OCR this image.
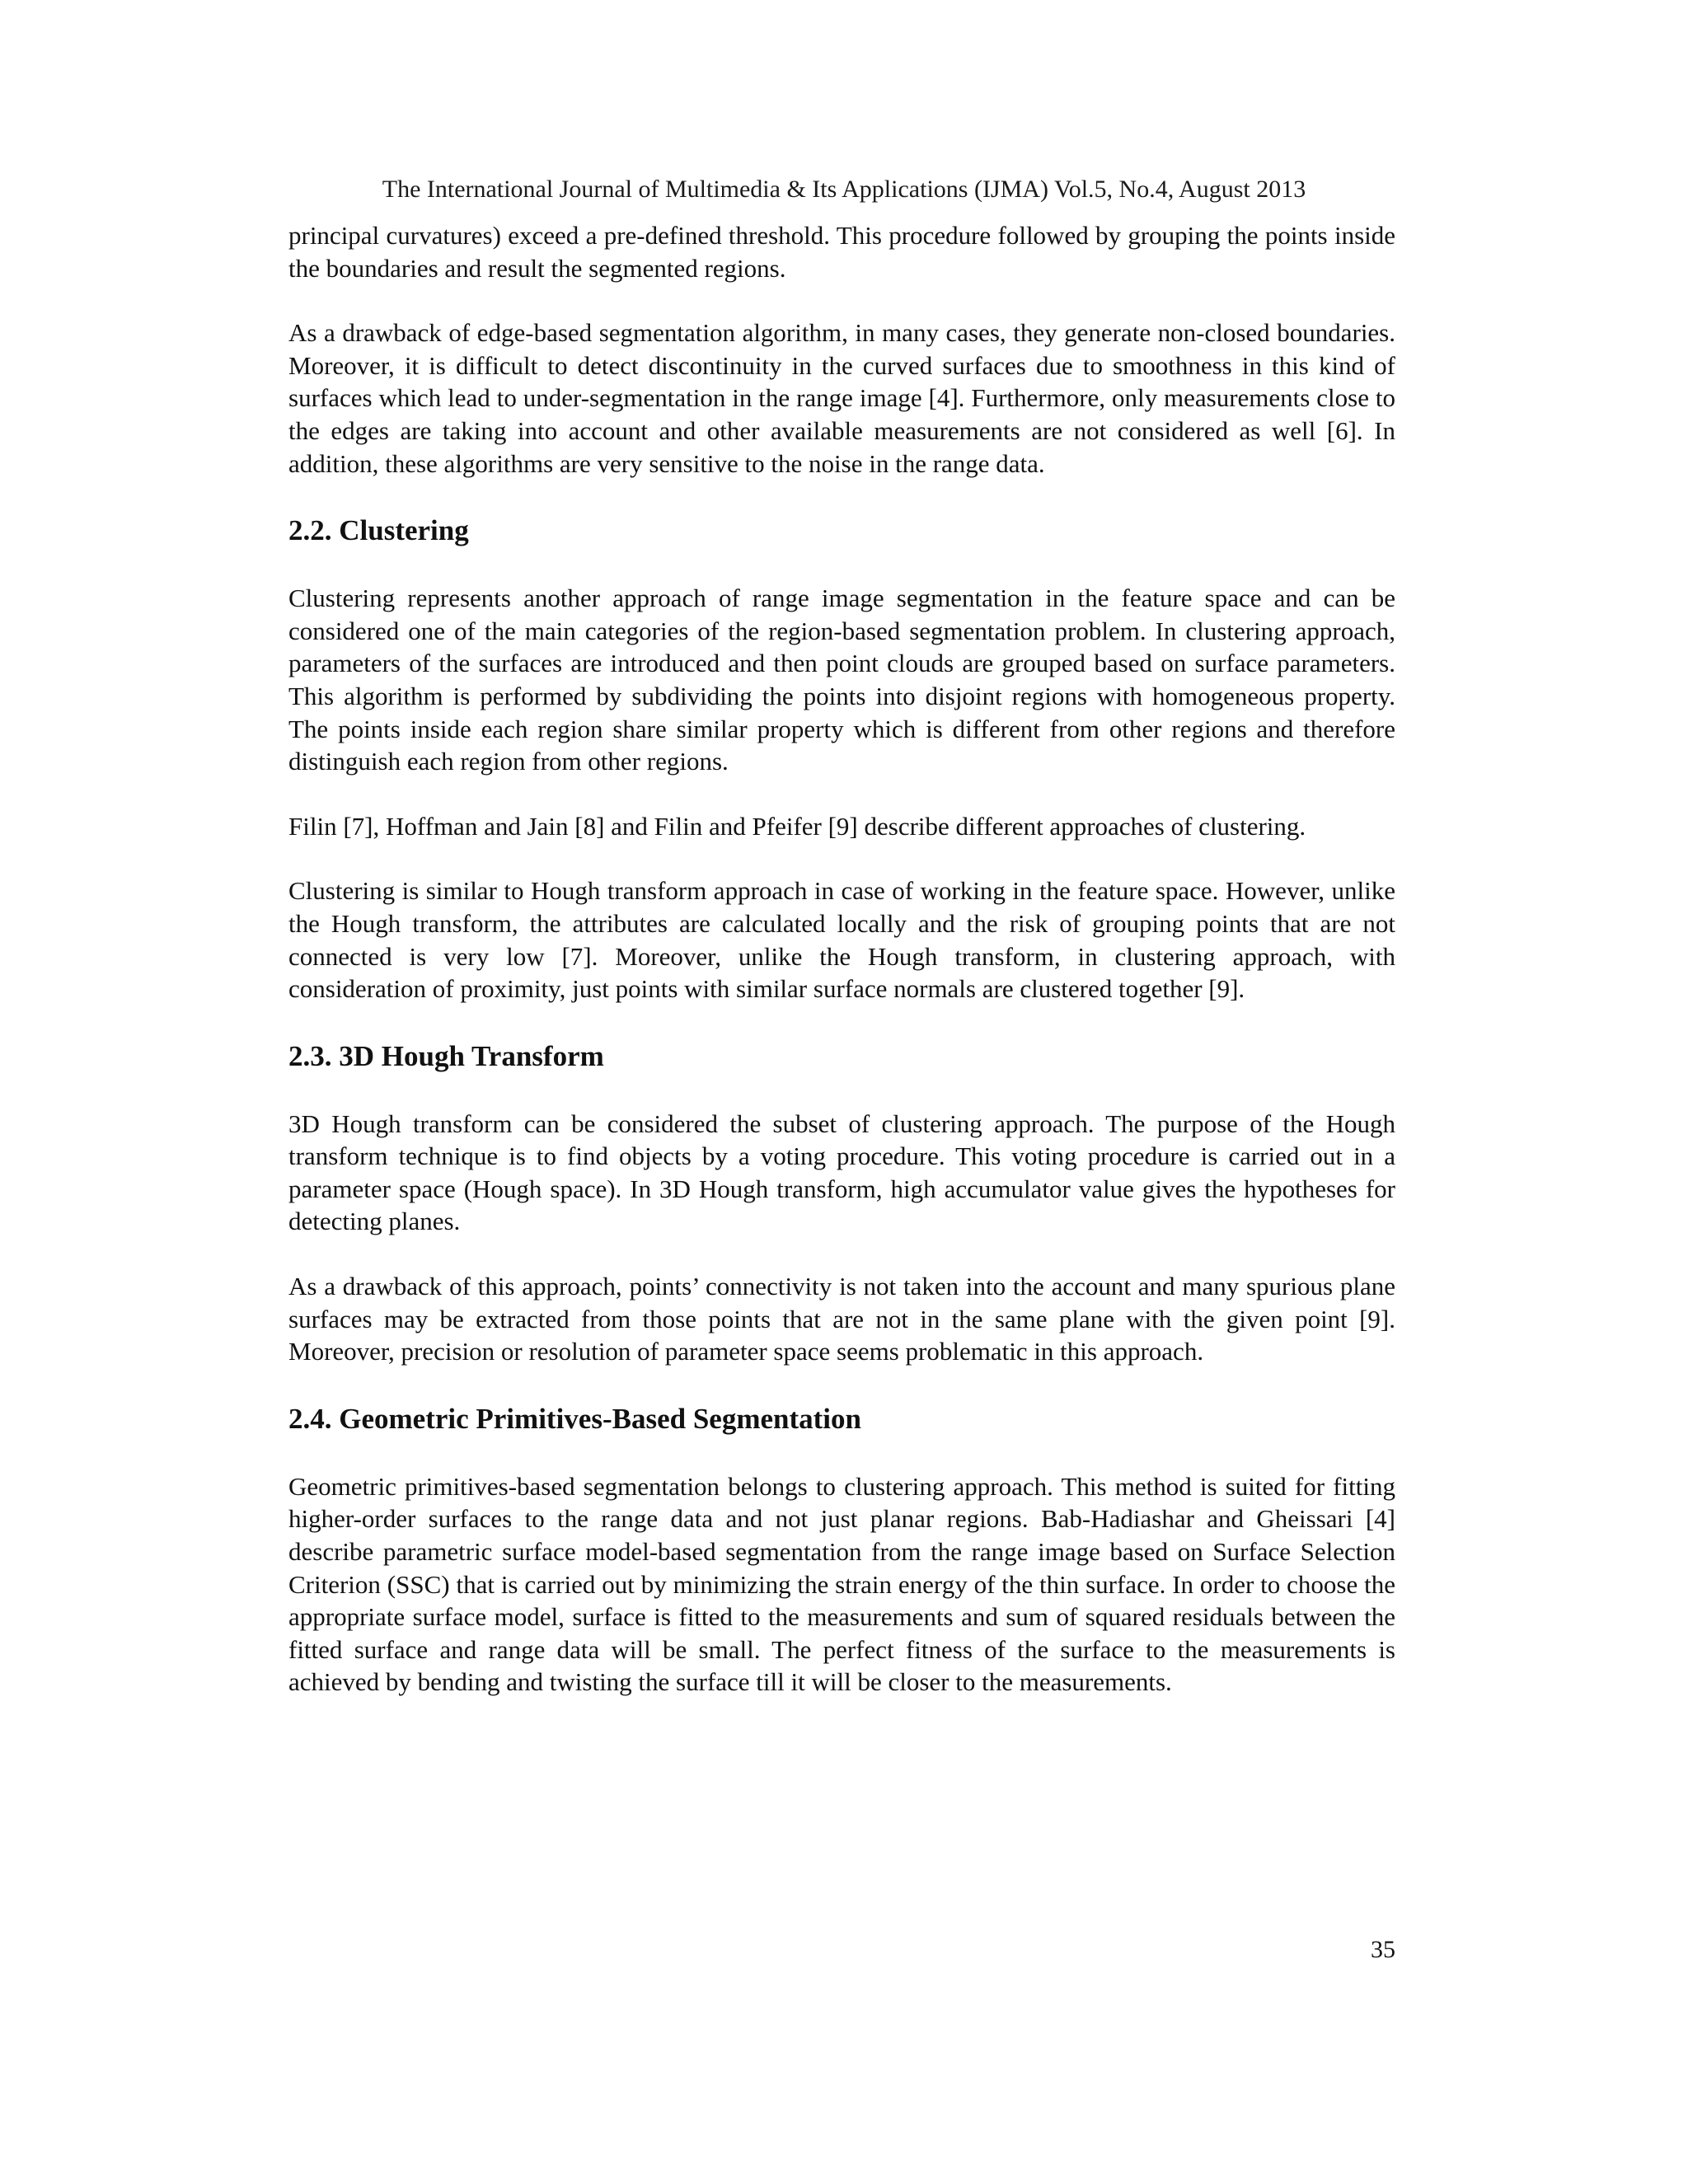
The International Journal of Multimedia & Its Applications (IJMA) Vol.5, No.4, August 2013

principal curvatures) exceed a pre-defined threshold. This procedure followed by grouping the points inside the boundaries and result the segmented regions.

As a drawback of edge-based segmentation algorithm, in many cases, they generate non-closed boundaries. Moreover, it is difficult to detect discontinuity in the curved surfaces due to smoothness in this kind of surfaces which lead to under-segmentation in the range image [4]. Furthermore, only measurements close to the edges are taking into account and other available measurements are not considered as well [6]. In addition, these algorithms are very sensitive to the noise in the range data.

2.2. Clustering

Clustering represents another approach of range image segmentation in the feature space and can be considered one of the main categories of the region-based segmentation problem. In clustering approach, parameters of the surfaces are introduced and then point clouds are grouped based on surface parameters. This algorithm is performed by subdividing the points into disjoint regions with homogeneous property. The points inside each region share similar property which is different from other regions and therefore distinguish each region from other regions.

Filin [7], Hoffman and Jain [8] and Filin and Pfeifer [9] describe different approaches of clustering.

Clustering is similar to Hough transform approach in case of working in the feature space. However, unlike the Hough transform, the attributes are calculated locally and the risk of grouping points that are not connected is very low [7]. Moreover, unlike the Hough transform, in clustering approach, with consideration of proximity, just points with similar surface normals are clustered together [9].

2.3. 3D Hough Transform

3D Hough transform can be considered the subset of clustering approach. The purpose of the Hough transform technique is to find objects by a voting procedure. This voting procedure is carried out in a parameter space (Hough space). In 3D Hough transform, high accumulator value gives the hypotheses for detecting planes.

As a drawback of this approach, points’ connectivity is not taken into the account and many spurious plane surfaces may be extracted from those points that are not in the same plane with the given point [9]. Moreover, precision or resolution of parameter space seems problematic in this approach.

2.4. Geometric Primitives-Based Segmentation

Geometric primitives-based segmentation belongs to clustering approach. This method is suited for fitting higher-order surfaces to the range data and not just planar regions. Bab-Hadiashar and Gheissari [4] describe parametric surface model-based segmentation from the range image based on Surface Selection Criterion (SSC) that is carried out by minimizing the strain energy of the thin surface. In order to choose the appropriate surface model, surface is fitted to the measurements and sum of squared residuals between the fitted surface and range data will be small. The perfect fitness of the surface to the measurements is achieved by bending and twisting the surface till it will be closer to the measurements.

35
